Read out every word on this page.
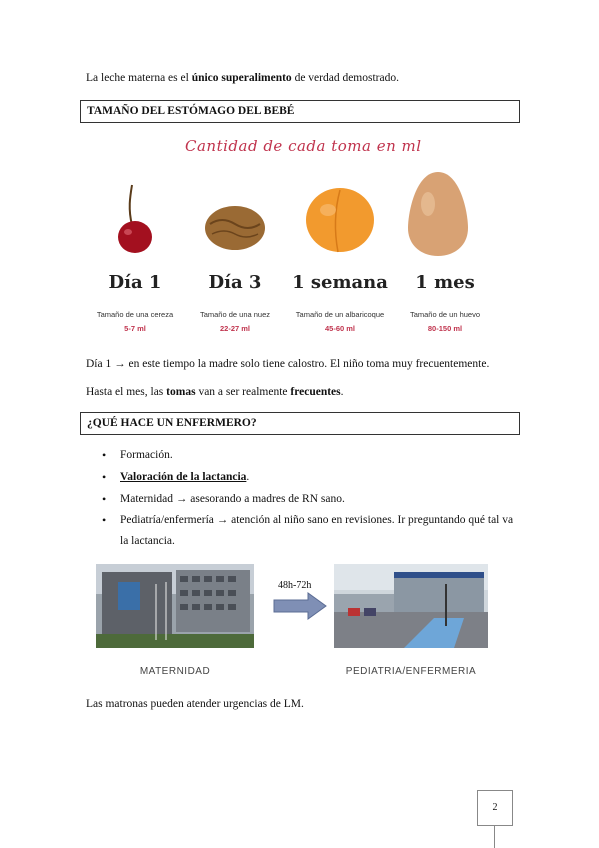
La leche materna es el único superalimento de verdad demostrado.
TAMAÑO DEL ESTÓMAGO DEL BEBÉ
Cantidad de cada toma en ml
Día 1	Día 3	1 semana	1 mes
Tamaño de una cereza	Tamaño de una nuez	Tamaño de un albaricoque	Tamaño de un huevo
5-7 ml	22-27 ml	45-60 ml	80-150 ml
Día 1 → en este tiempo la madre solo tiene calostro. El niño toma muy frecuentemente.
Hasta el mes, las tomas van a ser realmente frecuentes.
¿QUÉ HACE UN ENFERMERO?
• Formación.
• Valoración de la lactancia.
• Maternidad → asesorando a madres de RN sano.
• Pediatría/enfermería → atención al niño sano en revisiones. Ir preguntando qué tal va la lactancia.
48h-72h
MATERNIDAD	PEDIATRIA/ENFERMERIA
Las matronas pueden atender urgencias de LM.
2
